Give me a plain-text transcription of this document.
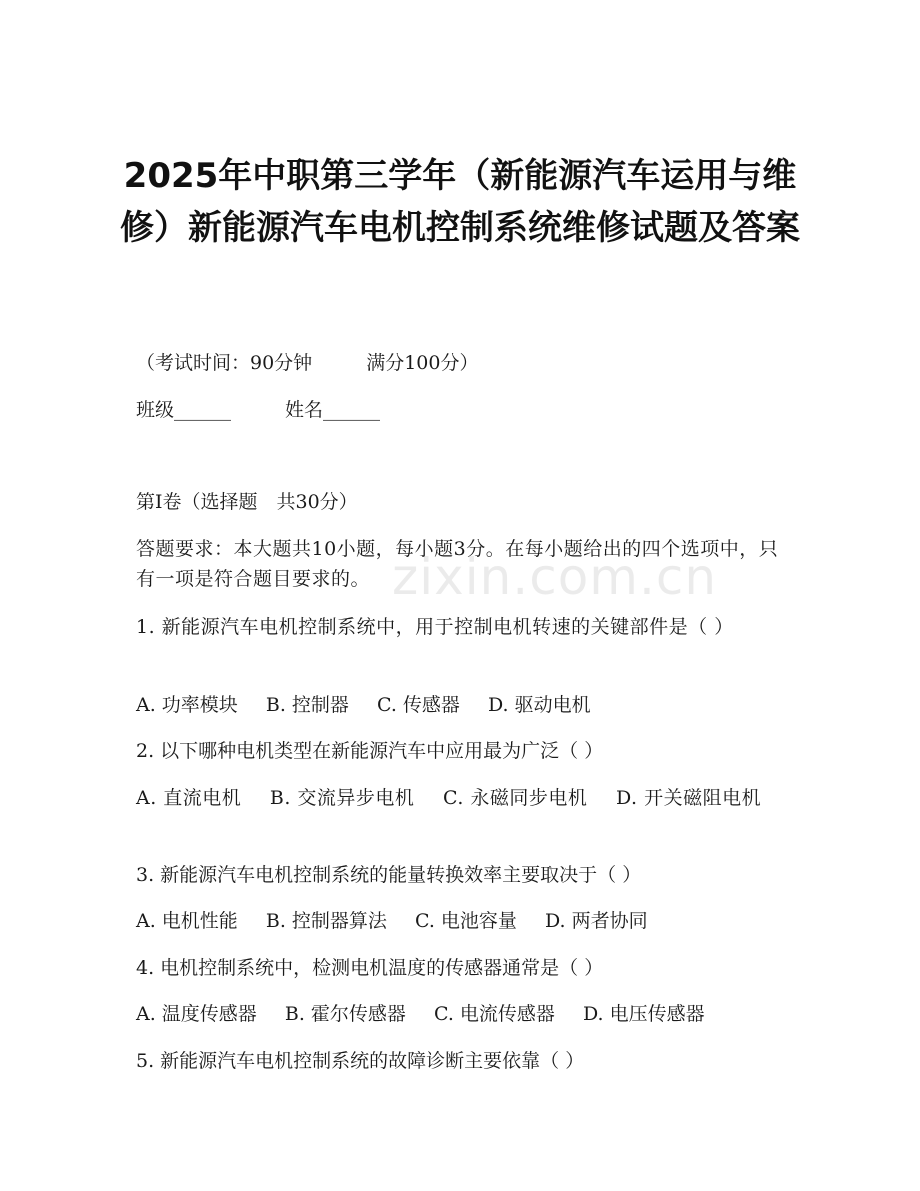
2025年中职第三学年（新能源汽车运用与维修）新能源汽车电机控制系统维修试题及答案
（考试时间：90分钟	满分100分）
班级______	姓名______
第I卷（选择题　共30分）
答题要求：本大题共10小题，每小题3分。在每小题给出的四个选项中，只有一项是符合题目要求的。
1. 新能源汽车电机控制系统中，用于控制电机转速的关键部件是（ ）
A. 功率模块 B. 控制器 C. 传感器 D. 驱动电机
2. 以下哪种电机类型在新能源汽车中应用最为广泛（ ）
A. 直流电机 B. 交流异步电机 C. 永磁同步电机 D. 开关磁阻电机
3. 新能源汽车电机控制系统的能量转换效率主要取决于（ ）
A. 电机性能 B. 控制器算法 C. 电池容量 D. 两者协同
4. 电机控制系统中，检测电机温度的传感器通常是（ ）
A. 温度传感器 B. 霍尔传感器 C. 电流传感器 D. 电压传感器
5. 新能源汽车电机控制系统的故障诊断主要依靠（ ）
zixin.com.cn
